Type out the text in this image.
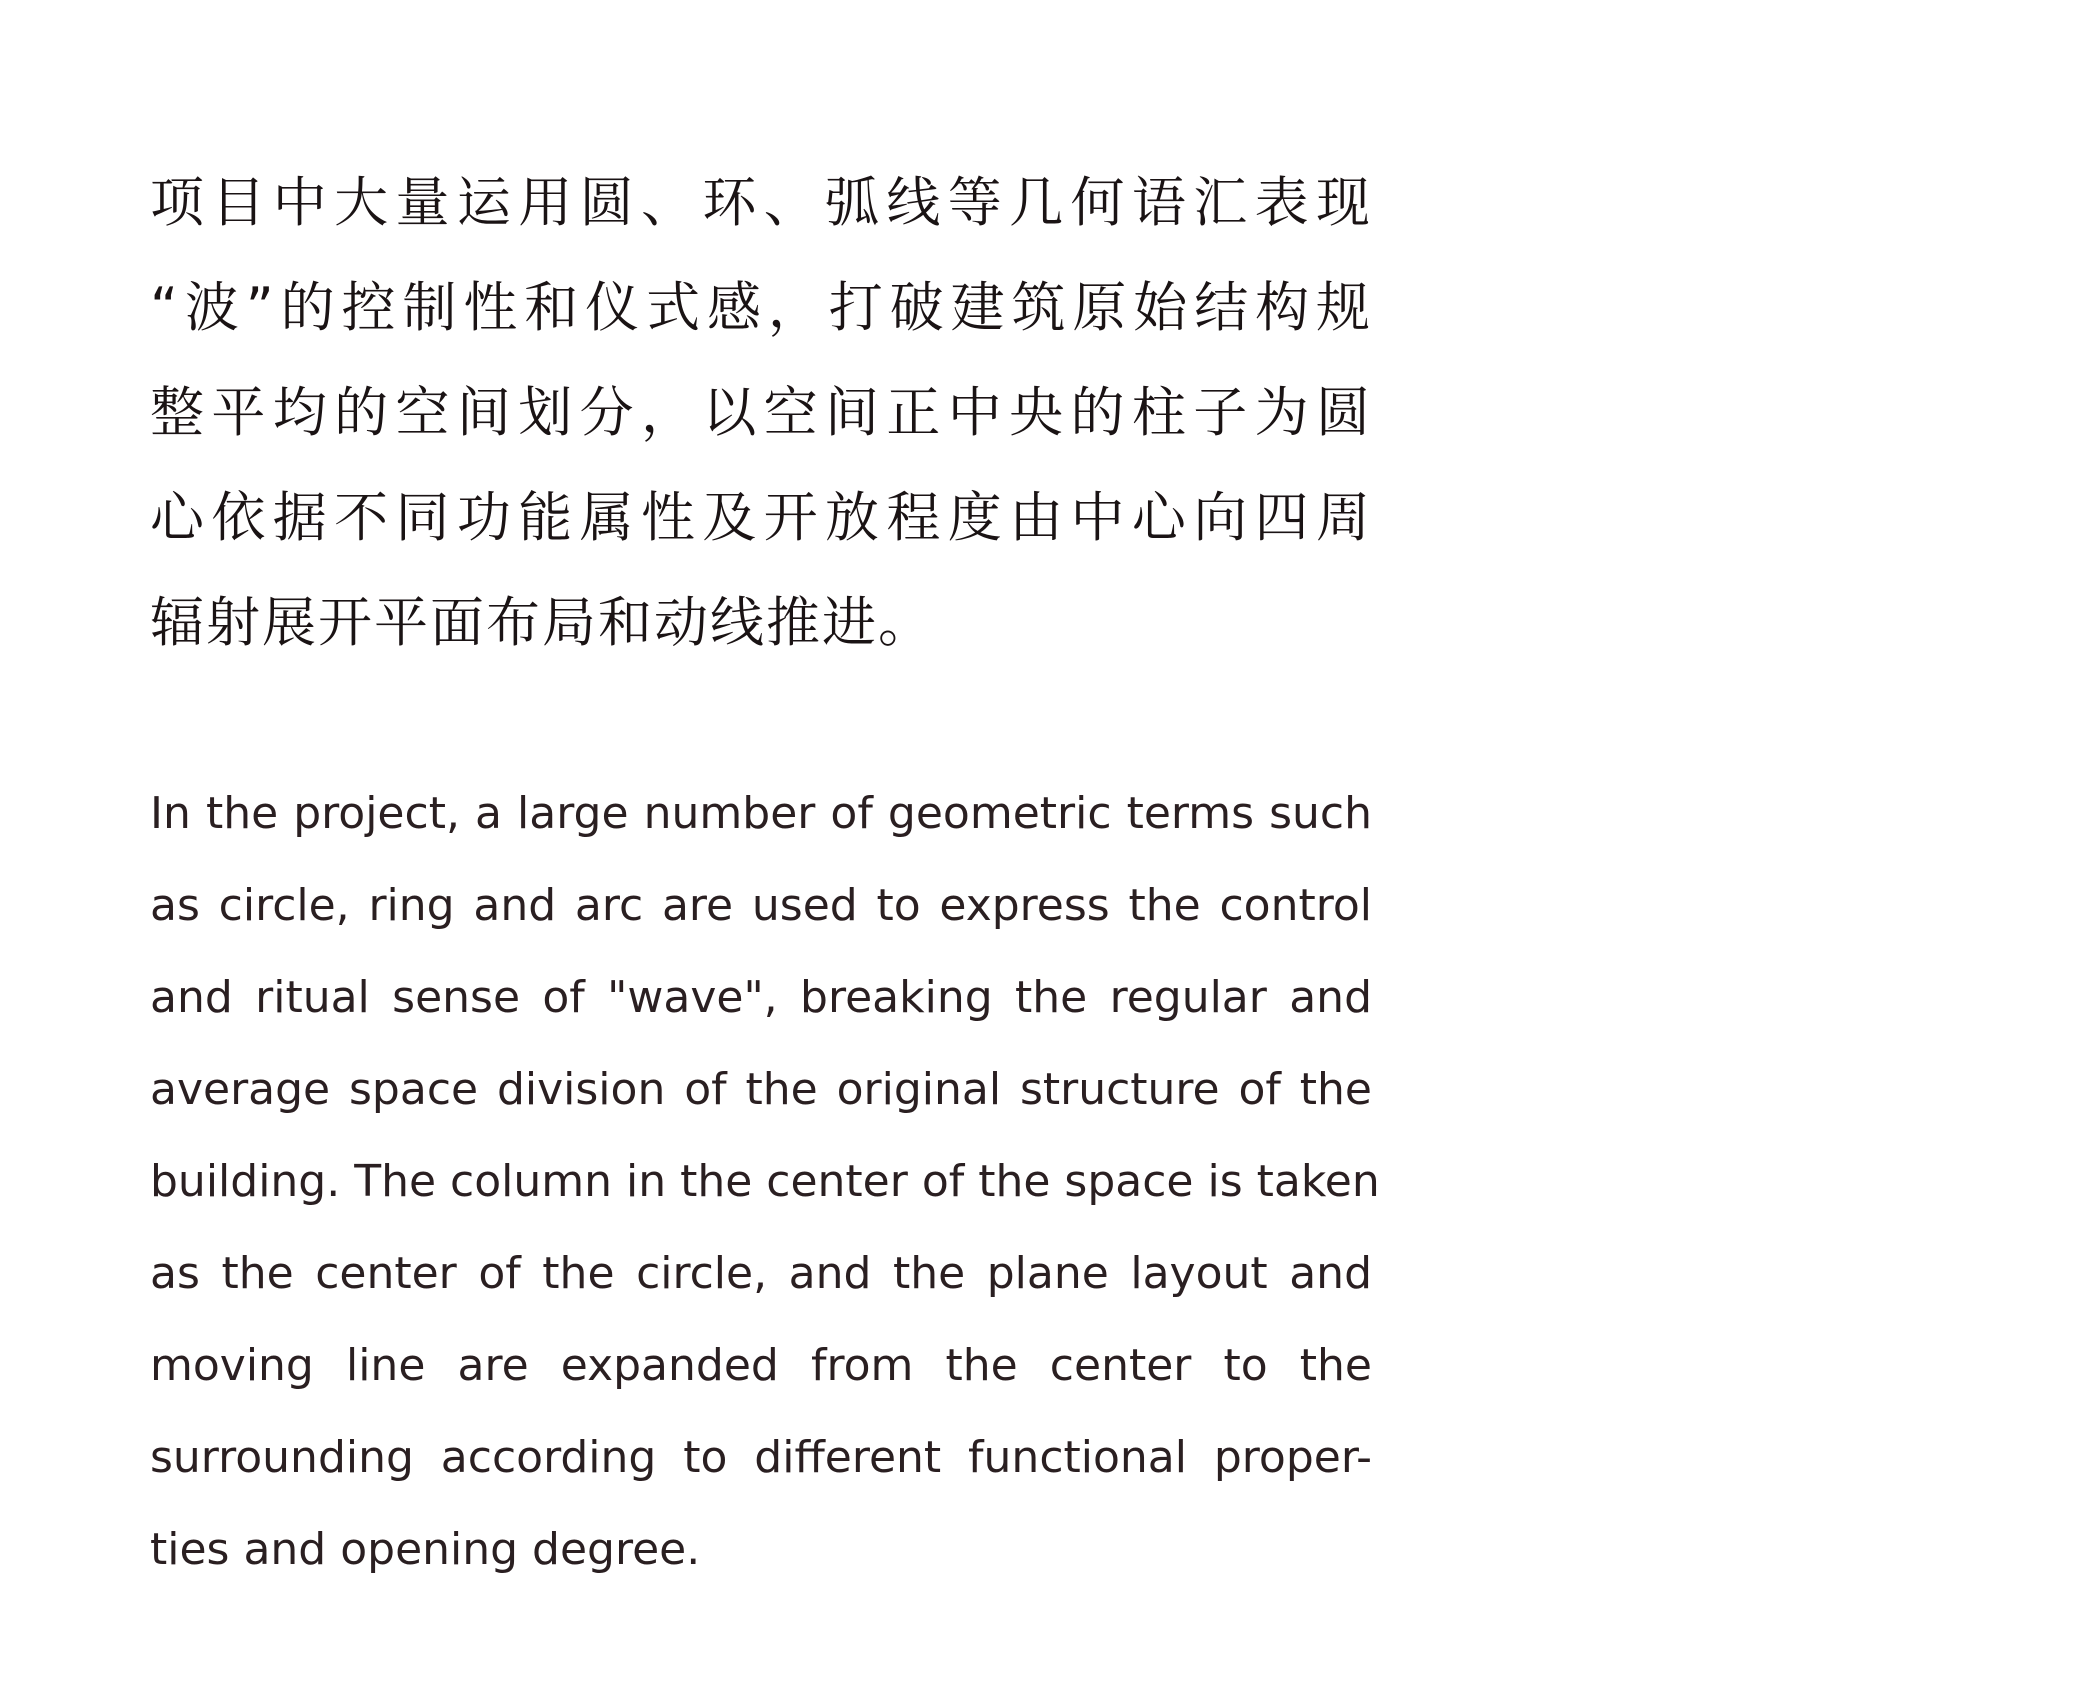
项目中大量运用圆、环、弧线等几何语汇表现
“波”的控制性和仪式感，打破建筑原始结构规
整平均的空间划分，以空间正中央的柱子为圆
心依据不同功能属性及开放程度由中心向四周
辐射展开平面布局和动线推进。
In the project, a large number of geometric terms such
as circle, ring and arc are used to express the control
and ritual sense of "wave", breaking the regular and
average space division of the original structure of the
building. The column in the center of the space is taken
as the center of the circle, and the plane layout and
moving line are expanded from the center to the
surrounding according to different functional proper-
ties and opening degree.
